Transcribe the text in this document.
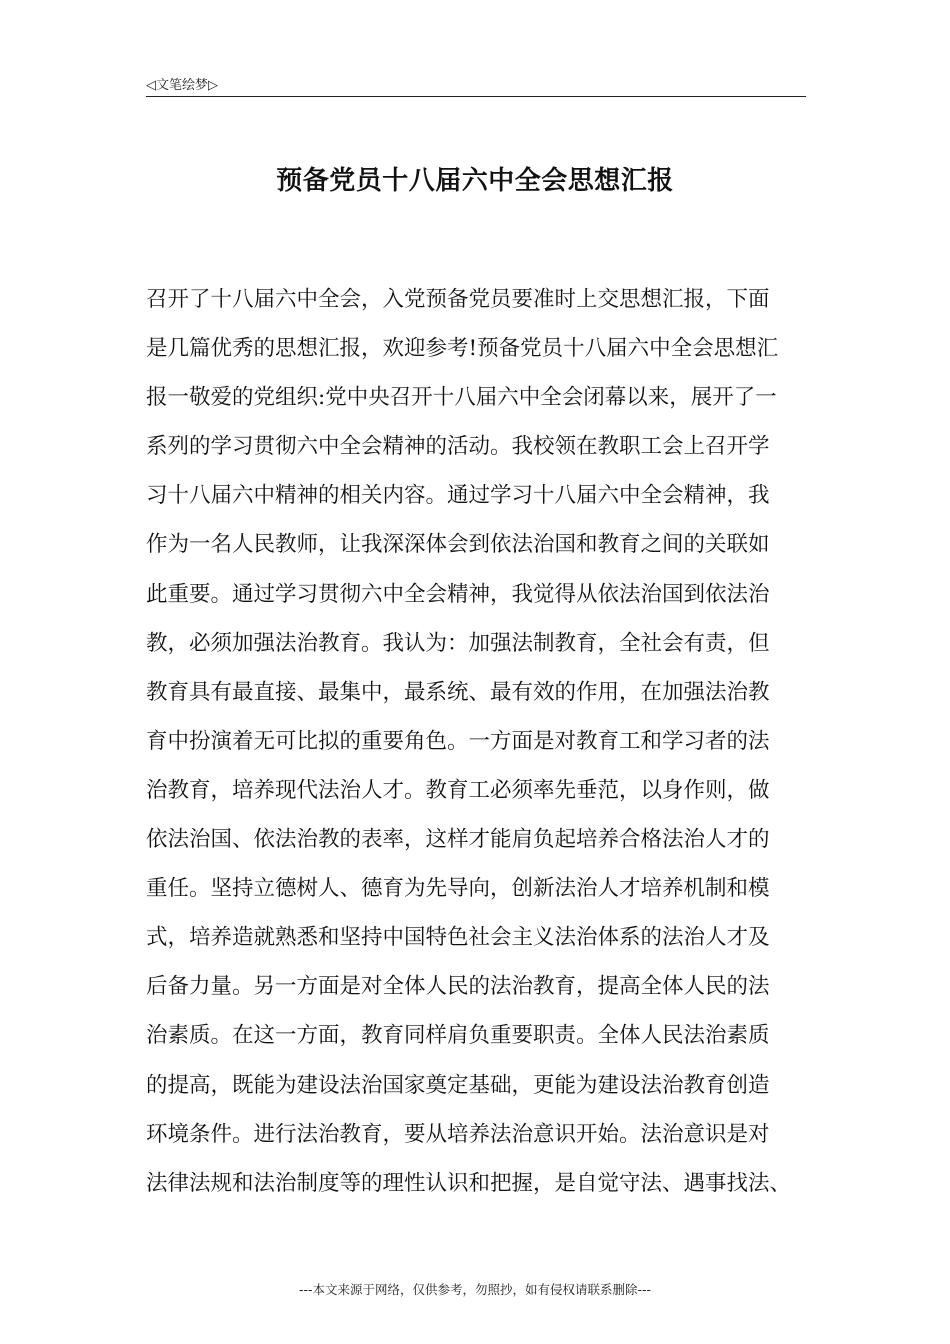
◁文笔绘梦▷
预备党员十八届六中全会思想汇报
召开了十八届六中全会，入党预备党员要准时上交思想汇报，下面
是几篇优秀的思想汇报，欢迎参考!预备党员十八届六中全会思想汇
报一敬爱的党组织:党中央召开十八届六中全会闭幕以来，展开了一
系列的学习贯彻六中全会精神的活动。我校领在教职工会上召开学
习十八届六中精神的相关内容。通过学习十八届六中全会精神，我
作为一名人民教师，让我深深体会到依法治国和教育之间的关联如
此重要。通过学习贯彻六中全会精神，我觉得从依法治国到依法治
教，必须加强法治教育。我认为：加强法制教育，全社会有责，但
教育具有最直接、最集中，最系统、最有效的作用，在加强法治教
育中扮演着无可比拟的重要角色。一方面是对教育工和学习者的法
治教育，培养现代法治人才。教育工必须率先垂范，以身作则，做
依法治国、依法治教的表率，这样才能肩负起培养合格法治人才的
重任。坚持立德树人、德育为先导向，创新法治人才培养机制和模
式，培养造就熟悉和坚持中国特色社会主义法治体系的法治人才及
后备力量。另一方面是对全体人民的法治教育，提高全体人民的法
治素质。在这一方面，教育同样肩负重要职责。全体人民法治素质
的提高，既能为建设法治国家奠定基础，更能为建设法治教育创造
环境条件。进行法治教育，要从培养法治意识开始。法治意识是对
法律法规和法治制度等的理性认识和把握，是自觉守法、遇事找法、
---本文来源于网络，仅供参考，勿照抄，如有侵权请联系删除---
